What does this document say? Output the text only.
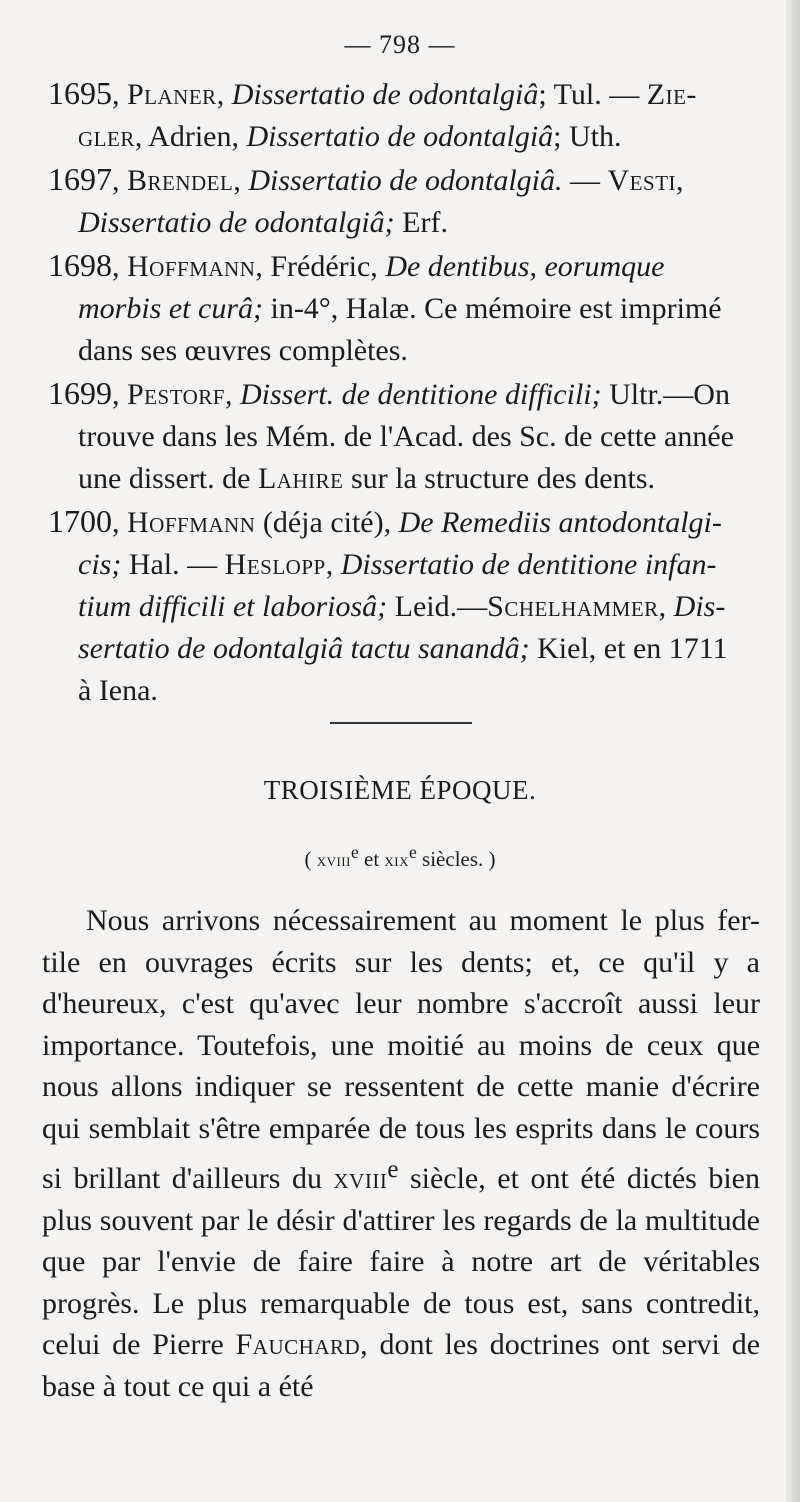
— 798 —
1695, Planer, Dissertatio de odontalgiâ; Tul. — Zie-
gler, Adrien, Dissertatio de odontalgiâ; Uth.
1697, Brendel, Dissertatio de odontalgiâ. — Vesti,
Dissertatio de odontalgiâ; Erf.
1698, Hoffmann, Frédéric, De dentibus, eorumque
morbis et curâ; in-4°, Halæ. Ce mémoire est imprimé
dans ses œuvres complètes.
1699, Pestorf, Dissert. de dentitione difficili; Ultr.—On
trouve dans les Mém. de l'Acad. des Sc. de cette année
une dissert. de Lahire sur la structure des dents.
1700, Hoffmann (déja cité), De Remediis antodontalgi-
cis; Hal. — Heslopp, Dissertatio de dentitione infan-
tium difficili et laboriosâ; Leid.—Schelhammer, Dis-
sertatio de odontalgiâ tactu sanandâ; Kiel, et en 1711
à Iena.
TROISIÈME ÉPOQUE.
( xviii$^e$ et xix$^e$ siècles. )

Nous arrivons nécessairement au moment le plus fer- tile en ouvrages écrits sur les dents; et, ce qu'il y a d'heureux, c'est qu'avec leur nombre s'accroît aussi leur importance. Toutefois, une moitié au moins de ceux que nous allons indiquer se ressentent de cette manie d'écrire qui semblait s'être emparée de tous les esprits dans le cours si brillant d'ailleurs du xviii$^e$ siècle, et ont été dictés bien plus souvent par le désir d'attirer les regards de la multitude que par l'envie de faire faire à notre art de véritables progrès. Le plus remarquable de tous est, sans contredit, celui de Pierre Fauchard, dont les doctrines ont servi de base à tout ce qui a été
